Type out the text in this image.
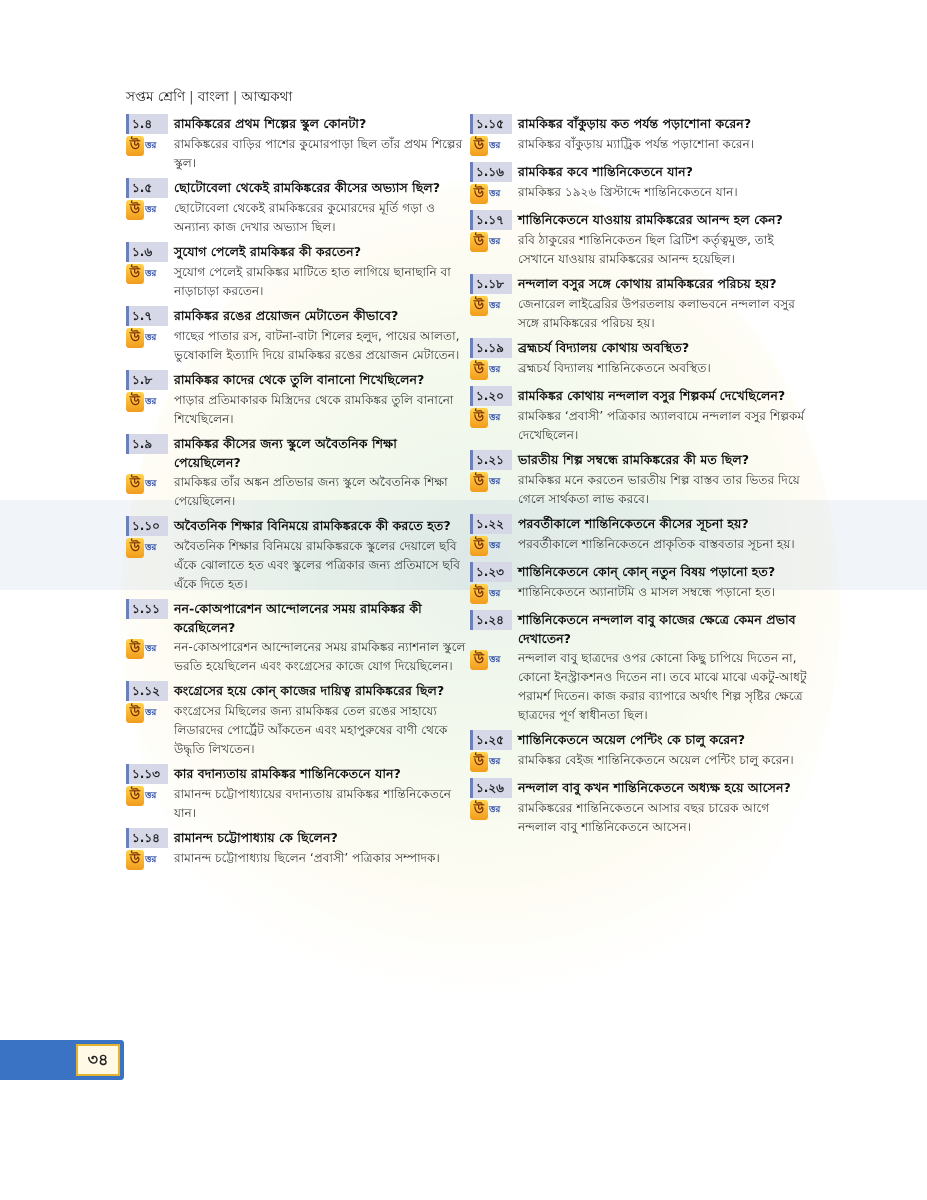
সপ্তম শ্রেণি | বাংলা | আত্মকথা
১.৪	রামকিঙ্করের প্রথম শিল্পের স্কুল কোনটা?
উ ত্তর রামকিঙ্করের বাড়ির পাশের কুমোরপাড়া ছিল তাঁর প্রথম শিল্পের স্কুল।
১.৫	ছোটোবেলা থেকেই রামকিঙ্করের কীসের অভ্যাস ছিল?
উ ত্তর ছোটোবেলা থেকেই রামকিঙ্করের কুমোরদের মূর্তি গড়া ও অন্যান্য কাজ দেখার অভ্যাস ছিল।
১.৬	সুযোগ পেলেই রামকিঙ্কর কী করতেন?
উ ত্তর সুযোগ পেলেই রামকিঙ্কর মাটিতে হাত লাগিয়ে ছানাছানি বা নাড়াচাড়া করতেন।
১.৭	রামকিঙ্কর রঙের প্রয়োজন মেটাতেন কীভাবে?
উ ত্তর গাছের পাতার রস, বাটনা-বাটা শিলের হলুদ, পায়ের আলতা, ভুষোকালি ইত্যাদি দিয়ে রামকিঙ্কর রঙের প্রয়োজন মেটাতেন।
১.৮	রামকিঙ্কর কাদের থেকে তুলি বানানো শিখেছিলেন?
উ ত্তর পাড়ার প্রতিমাকারক মিস্ত্রিদের থেকে রামকিঙ্কর তুলি বানানো শিখেছিলেন।
১.৯	রামকিঙ্কর কীসের জন্য স্কুলে অবৈতনিক শিক্ষা পেয়েছিলেন?
উ ত্তর রামকিঙ্কর তাঁর অঙ্কন প্রতিভার জন্য স্কুলে অবৈতনিক শিক্ষা পেয়েছিলেন।
১.১০	অবৈতনিক শিক্ষার বিনিময়ে রামকিঙ্করকে কী করতে হত?
উ ত্তর অবৈতনিক শিক্ষার বিনিময়ে রামকিঙ্করকে স্কুলের দেয়ালে ছবি এঁকে ঝোলাতে হত এবং স্কুলের পত্রিকার জন্য প্রতিমাসে ছবি এঁকে দিতে হত।
১.১১	নন-কোঅপারেশন আন্দোলনের সময় রামকিঙ্কর কী করেছিলেন?
উ ত্তর নন-কোঅপারেশন আন্দোলনের সময় রামকিঙ্কর ন্যাশনাল স্কুলে ভরতি হয়েছিলেন এবং কংগ্রেসের কাজে যোগ দিয়েছিলেন।
১.১২	কংগ্রেসের হয়ে কোন্ কাজের দায়িত্ব রামকিঙ্করের ছিল?
উ ত্তর কংগ্রেসের মিছিলের জন্য রামকিঙ্কর তেল রঙের সাহায্যে লিডারদের পোর্ট্রেট আঁকতেন এবং মহাপুরুষের বাণী থেকে উদ্ধৃতি লিখতেন।
১.১৩	কার বদান্যতায় রামকিঙ্কর শান্তিনিকেতনে যান?
উ ত্তর রামানন্দ চট্টোপাধ্যায়ের বদান্যতায় রামকিঙ্কর শান্তিনিকেতনে যান।
১.১৪	রামানন্দ চট্টোপাধ্যায় কে ছিলেন?
উ ত্তর রামানন্দ চট্টোপাধ্যায় ছিলেন ‘প্রবাসী’ পত্রিকার সম্পাদক।
১.১৫	রামকিঙ্কর বাঁকুড়ায় কত পর্যন্ত পড়াশোনা করেন?
উ ত্তর রামকিঙ্কর বাঁকুড়ায় ম্যাট্রিক পর্যন্ত পড়াশোনা করেন।
১.১৬	রামকিঙ্কর কবে শান্তিনিকেতনে যান?
উ ত্তর রামকিঙ্কর ১৯২৬ খ্রিস্টাব্দে শান্তিনিকেতনে যান।
১.১৭	শান্তিনিকেতনে যাওয়ায় রামকিঙ্করের আনন্দ হল কেন?
উ ত্তর রবি ঠাকুরের শান্তিনিকেতন ছিল ব্রিটিশ কর্তৃত্বমুক্ত, তাই সেখানে যাওয়ায় রামকিঙ্করের আনন্দ হয়েছিল।
১.১৮	নন্দলাল বসুর সঙ্গে কোথায় রামকিঙ্করের পরিচয় হয়?
উ ত্তর জেনারেল লাইব্রেরির উপরতলায় কলাভবনে নন্দলাল বসুর সঙ্গে রামকিঙ্করের পরিচয় হয়।
১.১৯	ব্রহ্মচর্য বিদ্যালয় কোথায় অবস্থিত?
উ ত্তর ব্রহ্মচর্য বিদ্যালয় শান্তিনিকেতনে অবস্থিত।
১.২০	রামকিঙ্কর কোথায় নন্দলাল বসুর শিল্পকর্ম দেখেছিলেন?
উ ত্তর রামকিঙ্কর ‘প্রবাসী’ পত্রিকার অ্যালবামে নন্দলাল বসুর শিল্পকর্ম দেখেছিলেন।
১.২১	ভারতীয় শিল্প সম্বন্ধে রামকিঙ্করের কী মত ছিল?
উ ত্তর রামকিঙ্কর মনে করতেন ভারতীয় শিল্প বাস্তব তার ভিতর দিয়ে গেলে সার্থকতা লাভ করবে।
১.২২	পরবর্তীকালে শান্তিনিকেতনে কীসের সূচনা হয়?
উ ত্তর পরবর্তীকালে শান্তিনিকেতনে প্রাকৃতিক বাস্তবতার সূচনা হয়।
১.২৩	শান্তিনিকেতনে কোন্ কোন্ নতুন বিষয় পড়ানো হত?
উ ত্তর শান্তিনিকেতনে অ্যানাটমি ও মাসল সম্বন্ধে পড়ানো হত।
১.২৪	শান্তিনিকেতনে নন্দলাল বাবু কাজের ক্ষেত্রে কেমন প্রভাব দেখাতেন?
উ ত্তর নন্দলাল বাবু ছাত্রদের ওপর কোনো কিছু চাপিয়ে দিতেন না, কোনো ইনস্ট্রাকশনও দিতেন না। তবে মাঝে মাঝে একটু-আধটু পরামর্শ দিতেন। কাজ করার ব্যাপারে অর্থাৎ শিল্প সৃষ্টির ক্ষেত্রে ছাত্রদের পূর্ণ স্বাধীনতা ছিল।
১.২৫	শান্তিনিকেতনে অয়েল পেন্টিং কে চালু করেন?
উ ত্তর রামকিঙ্কর বেইজ শান্তিনিকেতনে অয়েল পেন্টিং চালু করেন।
১.২৬	নন্দলাল বাবু কখন শান্তিনিকেতনে অধ্যক্ষ হয়ে আসেন?
উ ত্তর রামকিঙ্করের শান্তিনিকেতনে আসার বছর চারেক আগে নন্দলাল বাবু শান্তিনিকেতনে আসেন।
৩৪
